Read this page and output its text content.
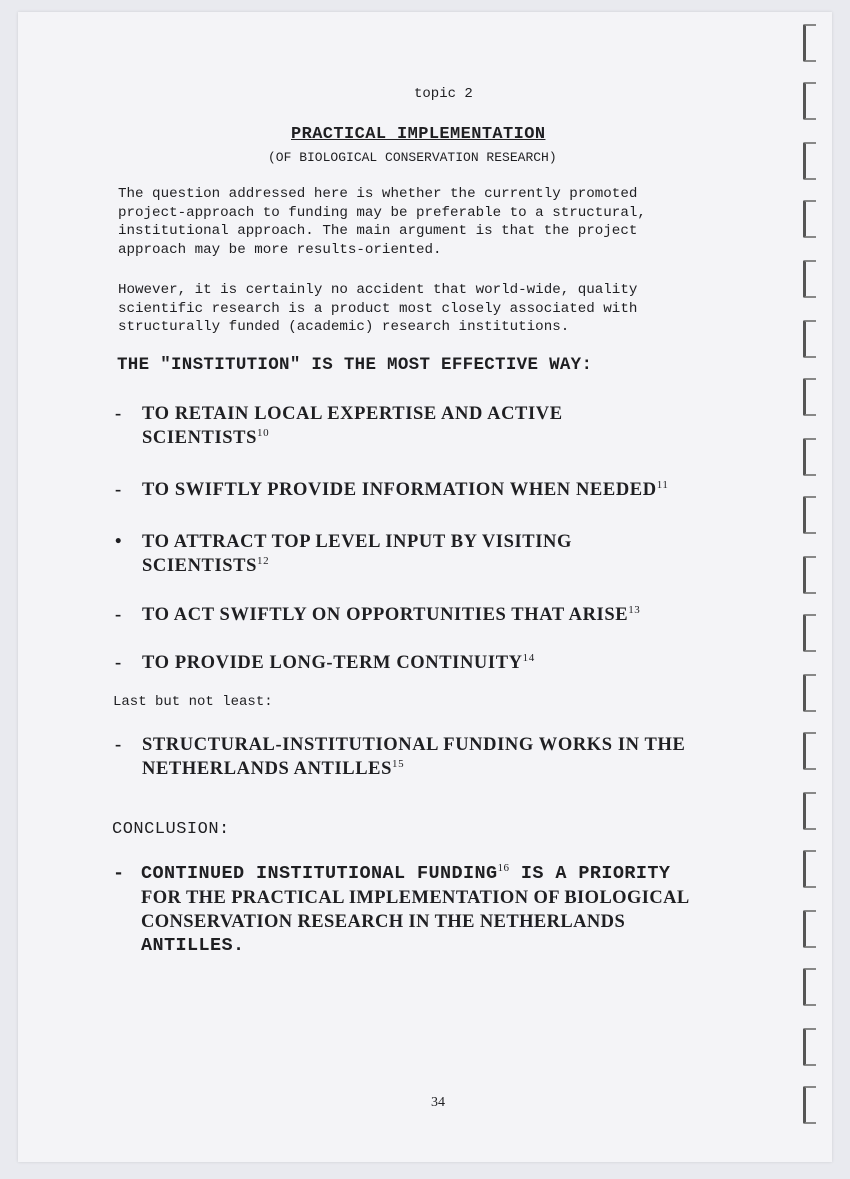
topic 2
PRACTICAL IMPLEMENTATION
(OF BIOLOGICAL CONSERVATION RESEARCH)
The question addressed here is whether the currently promoted
project-approach to funding may be preferable to a structural,
institutional approach. The main argument is that the project
approach may be more results-oriented.
However, it is certainly no accident that world-wide, quality
scientific research is a product most closely associated with
structurally funded (academic) research institutions.
THE "INSTITUTION" IS THE MOST EFFECTIVE WAY:
- TO RETAIN LOCAL EXPERTISE AND ACTIVE
SCIENTISTS$^{10}$
- TO SWIFTLY PROVIDE INFORMATION WHEN NEEDED$^{11}$
• TO ATTRACT TOP LEVEL INPUT BY VISITING
SCIENTISTS$^{12}$
- TO ACT SWIFTLY ON OPPORTUNITIES THAT ARISE$^{13}$
- TO PROVIDE LONG-TERM CONTINUITY$^{14}$
Last but not least:
- STRUCTURAL-INSTITUTIONAL FUNDING WORKS IN THE
NETHERLANDS ANTILLES$^{15}$
CONCLUSION:
- CONTINUED INSTITUTIONAL FUNDING$^{16}$ IS A PRIORITY
FOR THE PRACTICAL IMPLEMENTATION OF BIOLOGICAL
CONSERVATION RESEARCH IN THE NETHERLANDS
ANTILLES.
34
